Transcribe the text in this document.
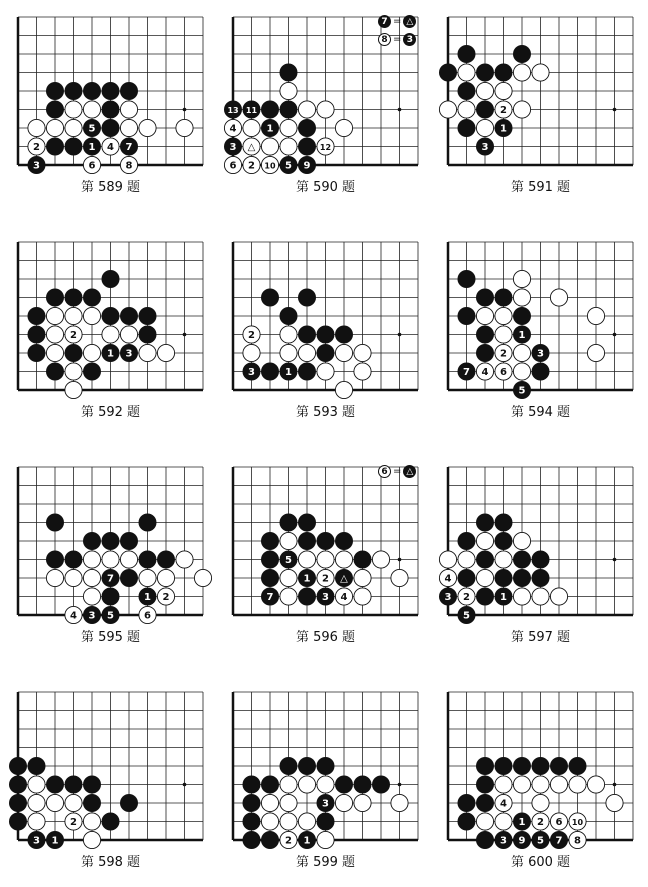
5
2	1 4 7
3	6	8
第 589 题
13 11
4	1
3 △	12
6 2 10 5 9
第 590 题
7 = △
8 = 3
2
1
3
第 591 题
2
1 3
第 592 题
2
3	1
第 593 题
1
2	3
7 4 6
5
第 594 题
7
1 2
4 3 5	6
第 595 题
5
1 2 △
7	3 4
第 596 题
6 = △
4
3 2	1
5
第 597 题
2
3 1
第 598 题
3
2 1
第 599 题
4
1 2 6 10
3 9 5 7 8
第 600 题
